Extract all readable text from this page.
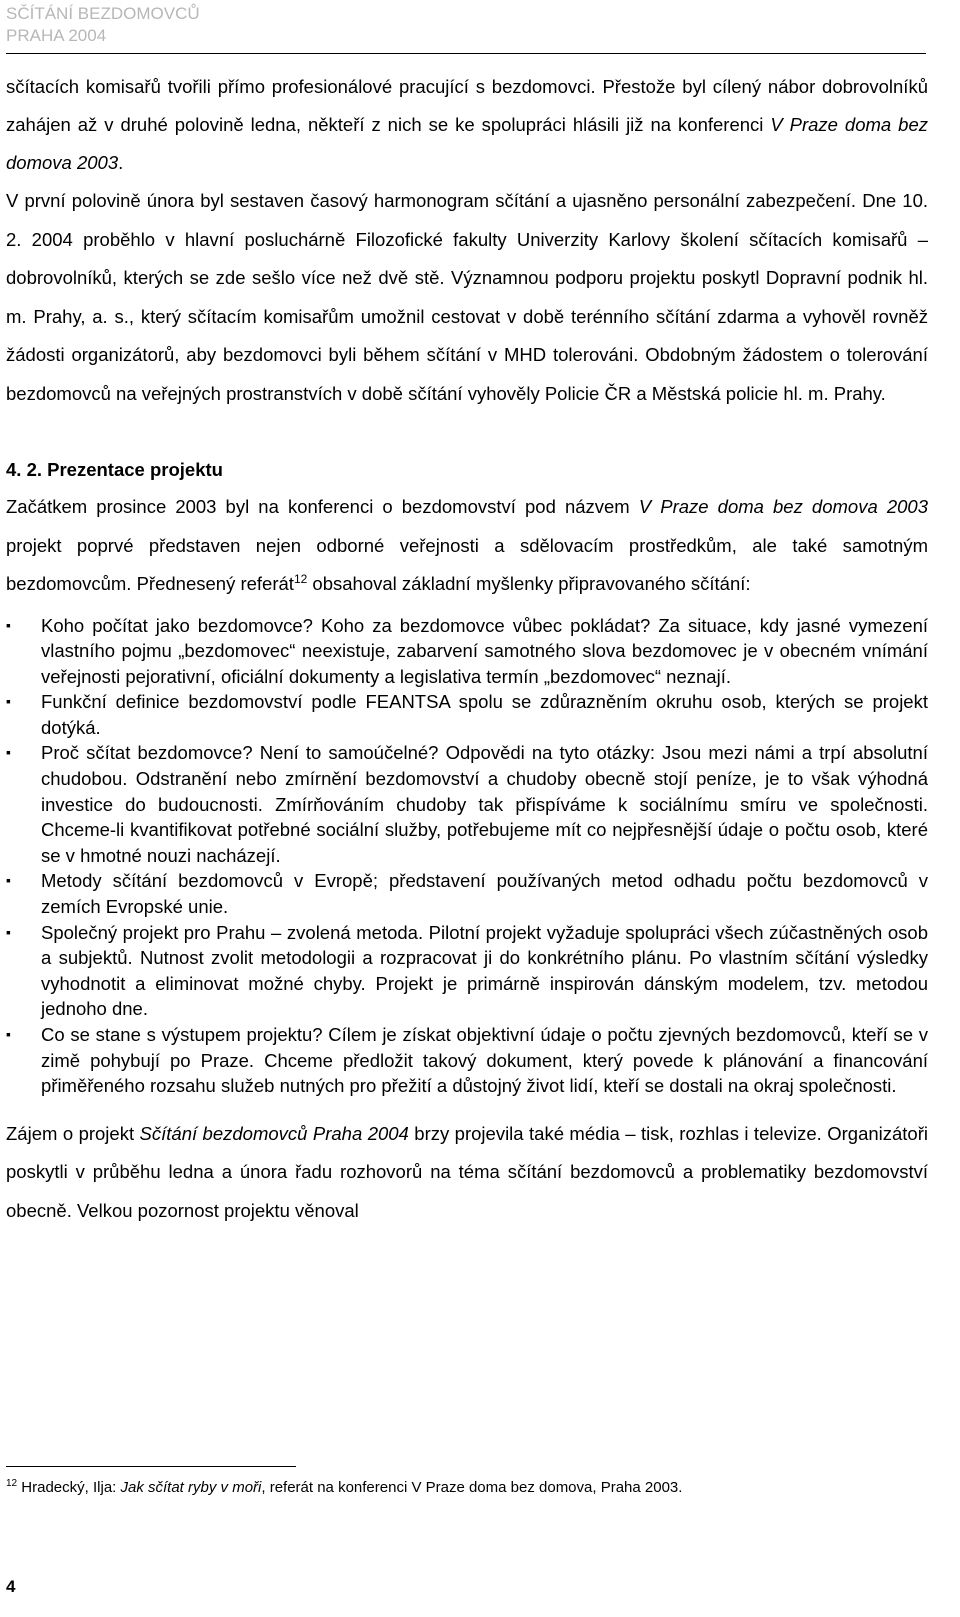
SČÍTÁNÍ BEZDOMOVCŮ
PRAHA 2004

sčítacích komisařů tvořili přímo profesionálové pracující s bezdomovci. Přestože byl cílený nábor dobrovolníků zahájen až v druhé polovině ledna, někteří z nich se ke spolupráci hlásili již na konferenci V Praze doma bez domova 2003.

V první polovině února byl sestaven časový harmonogram sčítání a ujasněno personální zabezpečení. Dne 10. 2. 2004 proběhlo v hlavní posluchárně Filozofické fakulty Univerzity Karlovy školení sčítacích komisařů – dobrovolníků, kterých se zde sešlo více než dvě stě. Významnou podporu projektu poskytl Dopravní podnik hl. m. Prahy, a. s., který sčítacím komisařům umožnil cestovat v době terénního sčítání zdarma a vyhověl rovněž žádosti organizátorů, aby bezdomovci byli během sčítání v MHD tolerováni. Obdobným žádostem o tolerování bezdomovců na veřejných prostranstvích v době sčítání vyhověly Policie ČR a Městská policie hl. m. Prahy.

4. 2. Prezentace projektu

Začátkem prosince 2003 byl na konferenci o bezdomovství pod názvem V Praze doma bez domova 2003 projekt poprvé představen nejen odborné veřejnosti a sdělovacím prostředkům, ale také samotným bezdomovcům. Přednesený referát$^{12}$ obsahoval základní myšlenky připravovaného sčítání:

▪	Koho počítat jako bezdomovce? Koho za bezdomovce vůbec pokládat? Za situace, kdy jasné vymezení vlastního pojmu „bezdomovec“ neexistuje, zabarvení samotného slova bezdomovec je v obecném vnímání veřejnosti pejorativní, oficiální dokumenty a legislativa termín „bezdomovec“ neznají.
▪	Funkční definice bezdomovství podle FEANTSA spolu se zdůrazněním okruhu osob, kterých se projekt dotýká.
▪	Proč sčítat bezdomovce? Není to samoúčelné? Odpovědi na tyto otázky: Jsou mezi námi a trpí absolutní chudobou. Odstranění nebo zmírnění bezdomovství a chudoby obecně stojí peníze, je to však výhodná investice do budoucnosti. Zmírňováním chudoby tak přispíváme k sociálnímu smíru ve společnosti. Chceme-li kvantifikovat potřebné sociální služby, potřebujeme mít co nejpřesnější údaje o počtu osob, které se v hmotné nouzi nacházejí.
▪	Metody sčítání bezdomovců v Evropě; představení používaných metod odhadu počtu bezdomovců v zemích Evropské unie.
▪	Společný projekt pro Prahu – zvolená metoda. Pilotní projekt vyžaduje spolupráci všech zúčastněných osob a subjektů. Nutnost zvolit metodologii a rozpracovat ji do konkrétního plánu. Po vlastním sčítání výsledky vyhodnotit a eliminovat možné chyby. Projekt je primárně inspirován dánským modelem, tzv. metodou jednoho dne.
▪	Co se stane s výstupem projektu? Cílem je získat objektivní údaje o počtu zjevných bezdomovců, kteří se v zimě pohybují po Praze. Chceme předložit takový dokument, který povede k plánování a financování přiměřeného rozsahu služeb nutných pro přežití a důstojný život lidí, kteří se dostali na okraj společnosti.

Zájem o projekt Sčítání bezdomovců Praha 2004 brzy projevila také média – tisk, rozhlas i televize. Organizátoři poskytli v průběhu ledna a února řadu rozhovorů na téma sčítání bezdomovců a problematiky bezdomovství obecně. Velkou pozornost projektu věnoval

$^{12}$ Hradecký, Ilja: Jak sčítat ryby v moři, referát na konferenci V Praze doma bez domova, Praha 2003.
4
